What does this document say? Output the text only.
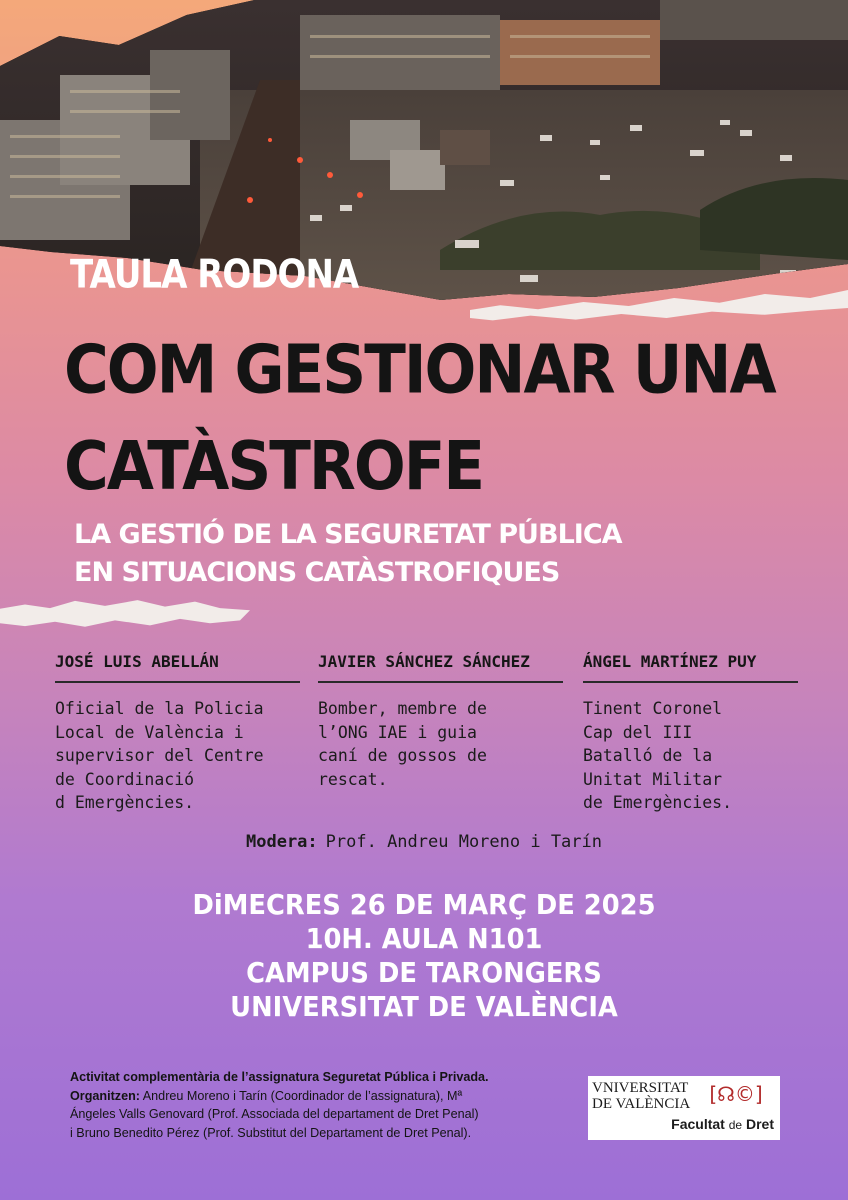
TAULA RODONA
COM GESTIONAR UNA
CATÀSTROFE
LA GESTIÓ DE LA SEGURETAT PÚBLICA
EN SITUACIONS CATÀSTROFIQUES
JOSÉ LUIS ABELLÁN
Oficial de la Policia
Local de València i
supervisor del Centre
de Coordinació
d Emergències.
JAVIER SÁNCHEZ SÁNCHEZ
Bomber, membre de
l’ONG IAE i guia
caní de gossos de
rescat.
ÁNGEL MARTÍNEZ PUY
Tinent Coronel
Cap del III
Batalló de la
Unitat Militar
de Emergències.
Modera: Prof. Andreu Moreno i Tarín
DiMECRES 26 DE MARÇ DE 2025
10H. AULA N101
CAMPUS DE TARONGERS
UNIVERSITAT DE VALÈNCIA
Activitat complementària de l’assignatura Seguretat Pública i Privada.
Organitzen: Andreu Moreno i Tarín (Coordinador de l’assignatura), Mª
Ángeles Valls Genovard (Prof. Associada del departament de Dret Penal)
i Bruno Benedito Pérez (Prof. Substitut del Departament de Dret Penal).
VNIVERSITAT
DE VALÈNCIA [☊©]
Facultat de Dret
